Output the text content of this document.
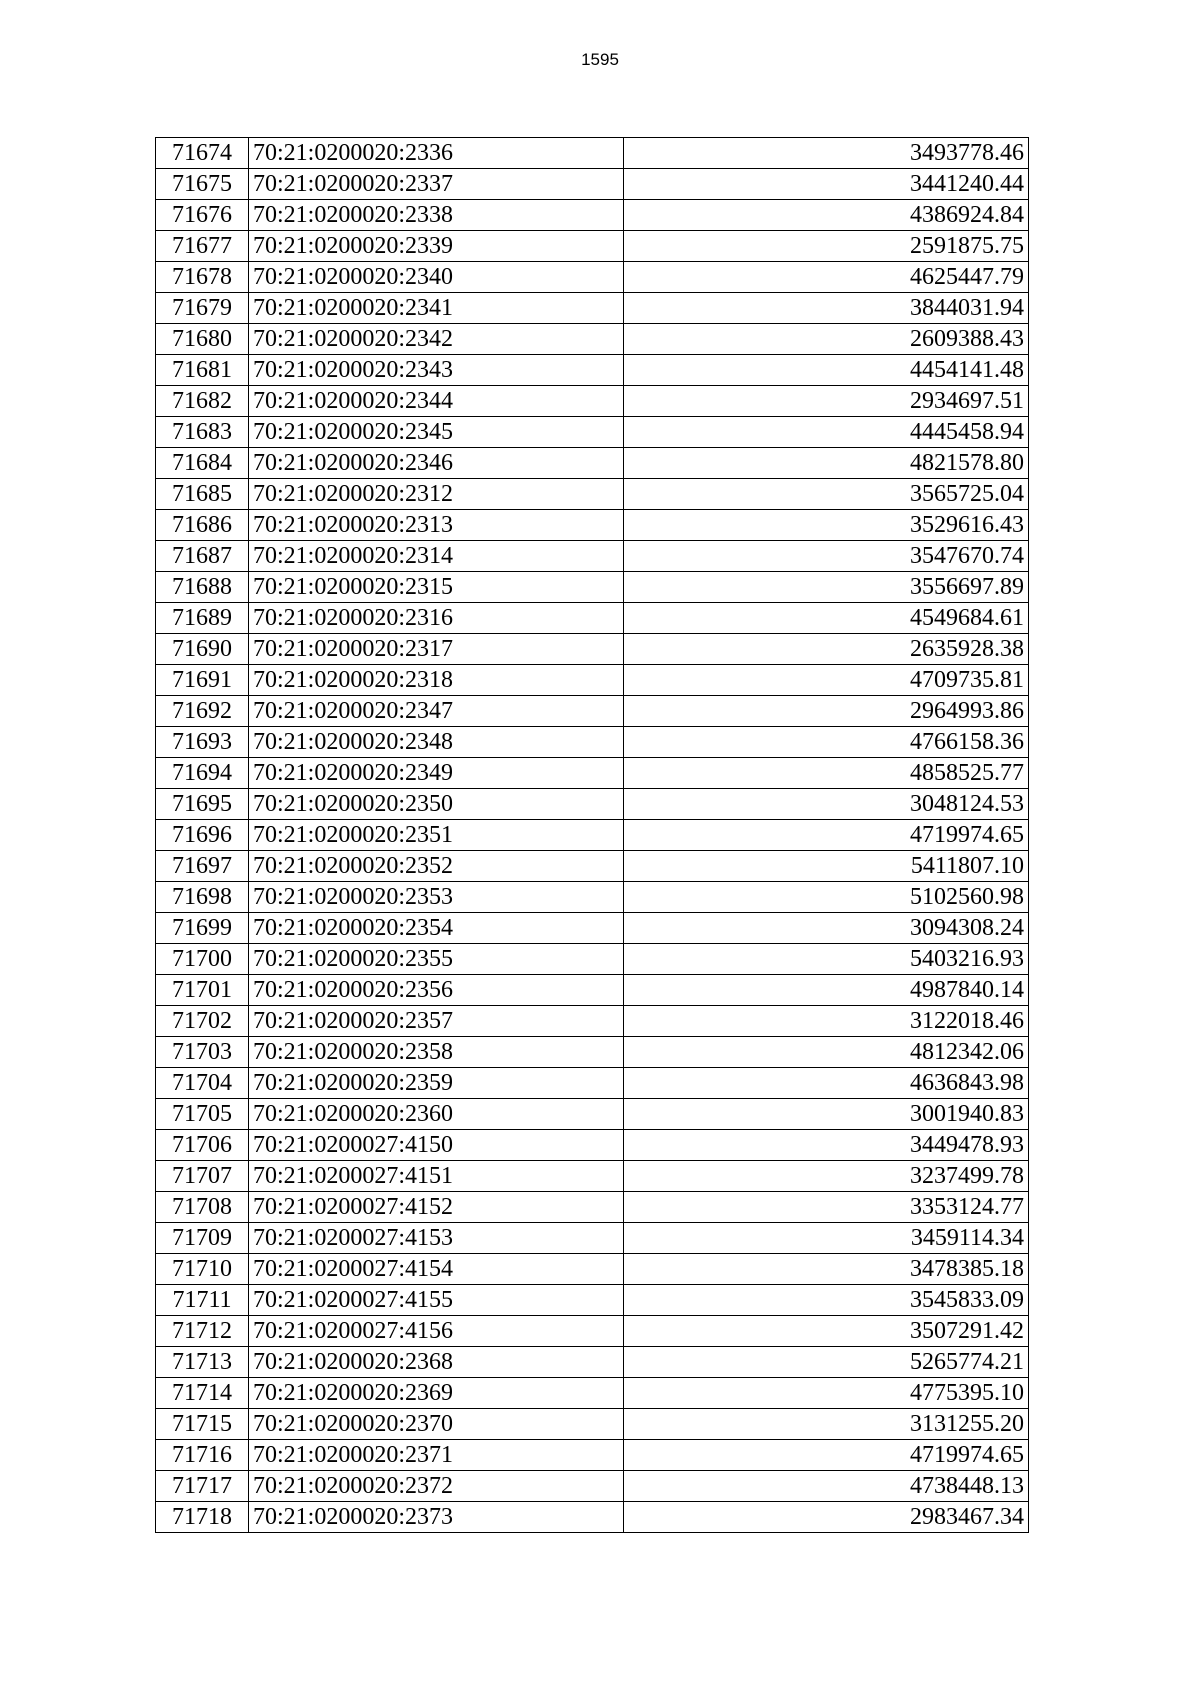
1595
71674	70:21:0200020:2336		3493778.46
71675	70:21:0200020:2337		3441240.44
71676	70:21:0200020:2338		4386924.84
71677	70:21:0200020:2339		2591875.75
71678	70:21:0200020:2340		4625447.79
71679	70:21:0200020:2341		3844031.94
71680	70:21:0200020:2342		2609388.43
71681	70:21:0200020:2343		4454141.48
71682	70:21:0200020:2344		2934697.51
71683	70:21:0200020:2345		4445458.94
71684	70:21:0200020:2346		4821578.80
71685	70:21:0200020:2312		3565725.04
71686	70:21:0200020:2313		3529616.43
71687	70:21:0200020:2314		3547670.74
71688	70:21:0200020:2315		3556697.89
71689	70:21:0200020:2316		4549684.61
71690	70:21:0200020:2317		2635928.38
71691	70:21:0200020:2318		4709735.81
71692	70:21:0200020:2347		2964993.86
71693	70:21:0200020:2348		4766158.36
71694	70:21:0200020:2349		4858525.77
71695	70:21:0200020:2350		3048124.53
71696	70:21:0200020:2351		4719974.65
71697	70:21:0200020:2352		5411807.10
71698	70:21:0200020:2353		5102560.98
71699	70:21:0200020:2354		3094308.24
71700	70:21:0200020:2355		5403216.93
71701	70:21:0200020:2356		4987840.14
71702	70:21:0200020:2357		3122018.46
71703	70:21:0200020:2358		4812342.06
71704	70:21:0200020:2359		4636843.98
71705	70:21:0200020:2360		3001940.83
71706	70:21:0200027:4150		3449478.93
71707	70:21:0200027:4151		3237499.78
71708	70:21:0200027:4152		3353124.77
71709	70:21:0200027:4153		3459114.34
71710	70:21:0200027:4154		3478385.18
71711	70:21:0200027:4155		3545833.09
71712	70:21:0200027:4156		3507291.42
71713	70:21:0200020:2368		5265774.21
71714	70:21:0200020:2369		4775395.10
71715	70:21:0200020:2370		3131255.20
71716	70:21:0200020:2371		4719974.65
71717	70:21:0200020:2372		4738448.13
71718	70:21:0200020:2373		2983467.34
